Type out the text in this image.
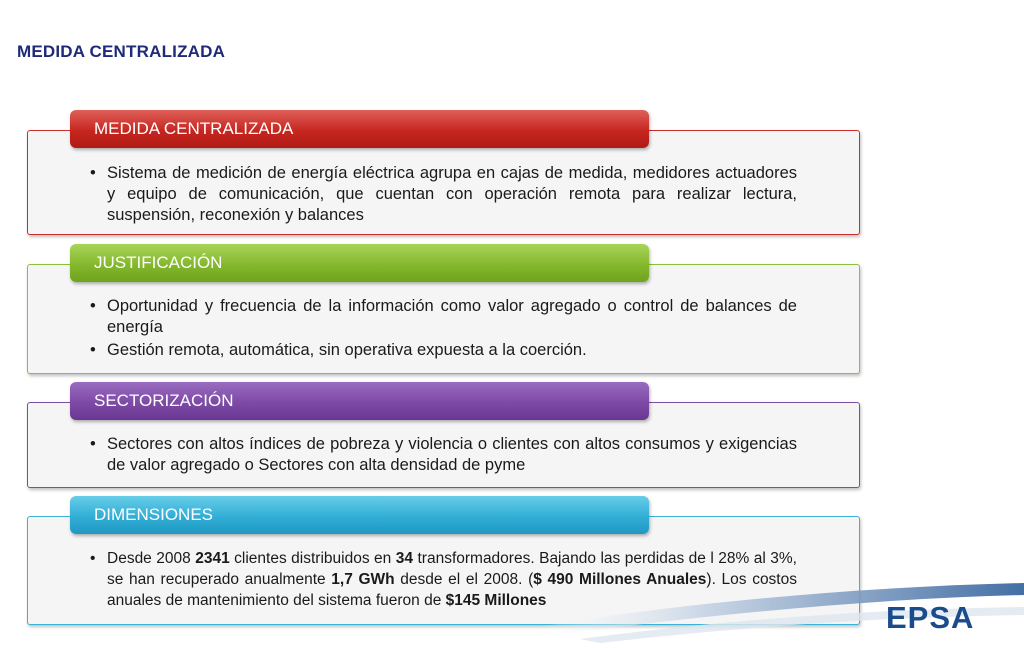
MEDIDA CENTRALIZADA
MEDIDA CENTRALIZADA
• Sistema de medición de energía eléctrica agrupa en cajas de medida, medidores actuadores y equipo de comunicación, que cuentan con operación remota para realizar lectura, suspensión, reconexión y balances
JUSTIFICACIÓN
• Oportunidad y frecuencia de la información como valor agregado o control de balances de energía
• Gestión remota, automática, sin operativa expuesta a la coerción.
SECTORIZACIÓN
• Sectores con altos índices de pobreza y violencia o clientes con altos consumos y exigencias de valor agregado o Sectores con alta densidad de pyme
DIMENSIONES
• Desde 2008 2341 clientes distribuidos en 34 transformadores. Bajando las perdidas de l 28% al 3%, se han recuperado anualmente 1,7 GWh desde el el 2008. ($ 490 Millones Anuales). Los costos anuales de mantenimiento del sistema fueron de $145 Millones	EPSA
